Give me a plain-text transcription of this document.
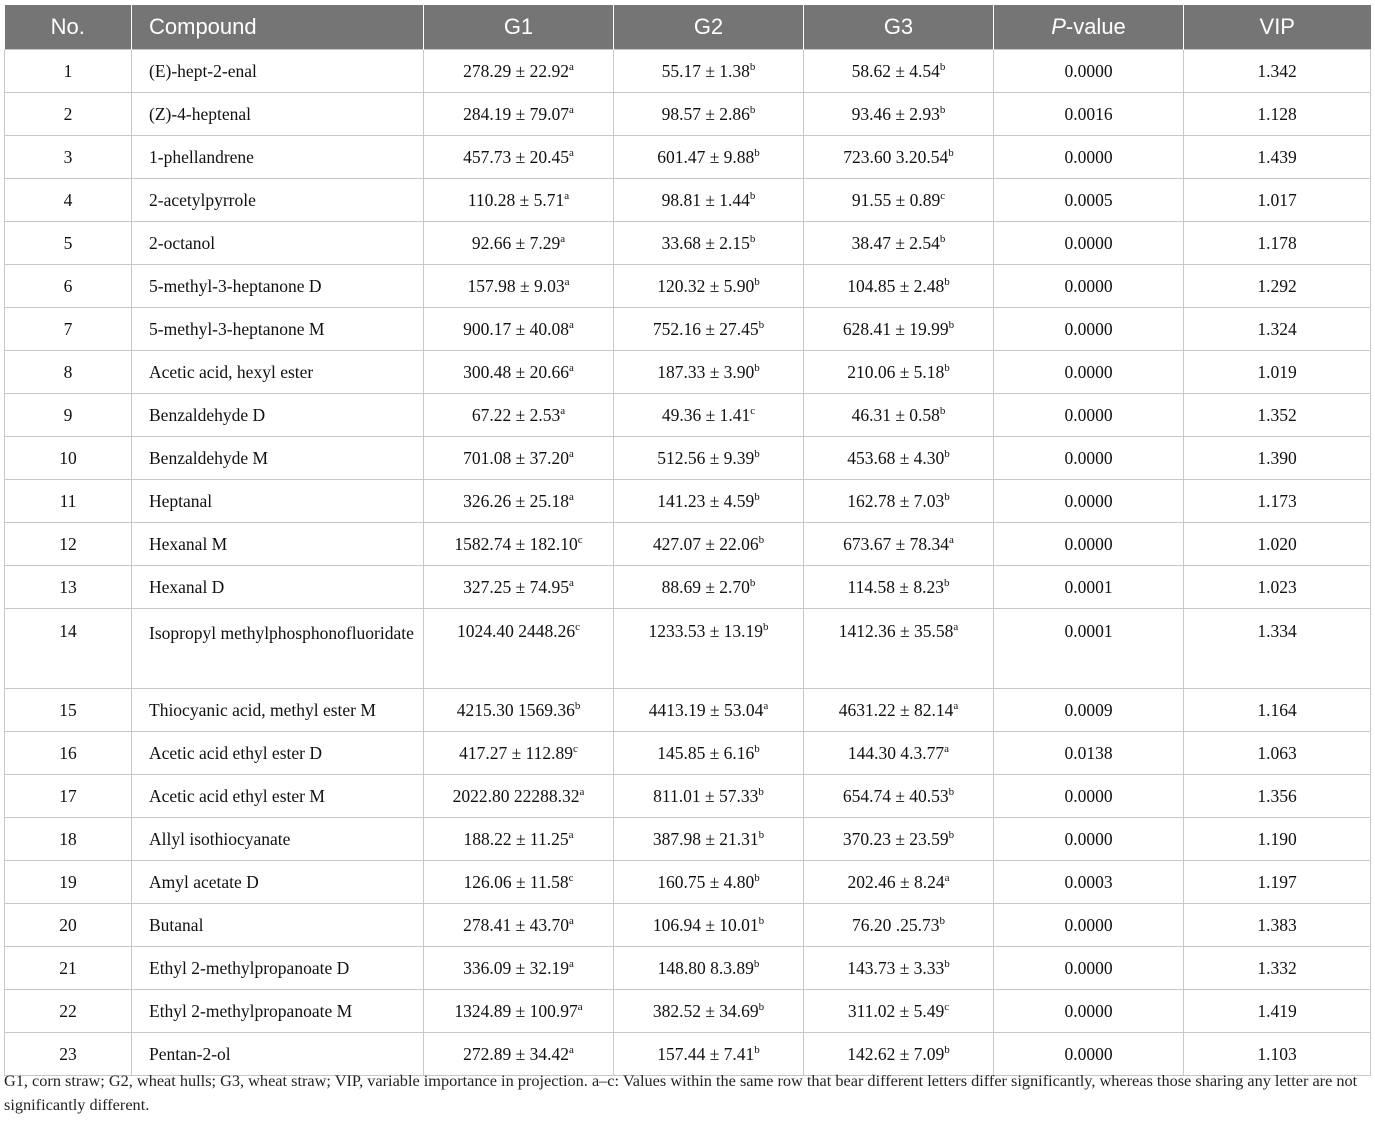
No.	Compound	G1	G2	G3	P-value	VIP
1	(E)-hept-2-enal	278.29 ± 22.92$^a$	55.17 ± 1.38$^b$	58.62 ± 4.54$^b$	0.0000	1.342
2	(Z)-4-heptenal	284.19 ± 79.07$^a$	98.57 ± 2.86$^b$	93.46 ± 2.93$^b$	0.0016	1.128
3	1-phellandrene	457.73 ± 20.45$^a$	601.47 ± 9.88$^b$	723.60 3.20.54$^b$	0.0000	1.439
4	2-acetylpyrrole	110.28 ± 5.71$^a$	98.81 ± 1.44$^b$	91.55 ± 0.89$^c$	0.0005	1.017
5	2-octanol	92.66 ± 7.29$^a$	33.68 ± 2.15$^b$	38.47 ± 2.54$^b$	0.0000	1.178
6	5-methyl-3-heptanone D	157.98 ± 9.03$^a$	120.32 ± 5.90$^b$	104.85 ± 2.48$^b$	0.0000	1.292
7	5-methyl-3-heptanone M	900.17 ± 40.08$^a$	752.16 ± 27.45$^b$	628.41 ± 19.99$^b$	0.0000	1.324
8	Acetic acid, hexyl ester	300.48 ± 20.66$^a$	187.33 ± 3.90$^b$	210.06 ± 5.18$^b$	0.0000	1.019
9	Benzaldehyde D	67.22 ± 2.53$^a$	49.36 ± 1.41$^c$	46.31 ± 0.58$^b$	0.0000	1.352
10	Benzaldehyde M	701.08 ± 37.20$^a$	512.56 ± 9.39$^b$	453.68 ± 4.30$^b$	0.0000	1.390
11	Heptanal	326.26 ± 25.18$^a$	141.23 ± 4.59$^b$	162.78 ± 7.03$^b$	0.0000	1.173
12	Hexanal M	1582.74 ± 182.10$^c$	427.07 ± 22.06$^b$	673.67 ± 78.34$^a$	0.0000	1.020
13	Hexanal D	327.25 ± 74.95$^a$	88.69 ± 2.70$^b$	114.58 ± 8.23$^b$	0.0001	1.023
14	Isopropyl methylphosphonofluoridate	1024.40 2448.26$^c$	1233.53 ± 13.19$^b$	1412.36 ± 35.58$^a$	0.0001	1.334
15	Thiocyanic acid, methyl ester M	4215.30 1569.36$^b$	4413.19 ± 53.04$^a$	4631.22 ± 82.14$^a$	0.0009	1.164
16	Acetic acid ethyl ester D	417.27 ± 112.89$^c$	145.85 ± 6.16$^b$	144.30 4.3.77$^a$	0.0138	1.063
17	Acetic acid ethyl ester M	2022.80 22288.32$^a$	811.01 ± 57.33$^b$	654.74 ± 40.53$^b$	0.0000	1.356
18	Allyl isothiocyanate	188.22 ± 11.25$^a$	387.98 ± 21.31$^b$	370.23 ± 23.59$^b$	0.0000	1.190
19	Amyl acetate D	126.06 ± 11.58$^c$	160.75 ± 4.80$^b$	202.46 ± 8.24$^a$	0.0003	1.197
20	Butanal	278.41 ± 43.70$^a$	106.94 ± 10.01$^b$	76.20 .25.73$^b$	0.0000	1.383
21	Ethyl 2-methylpropanoate D	336.09 ± 32.19$^a$	148.80 8.3.89$^b$	143.73 ± 3.33$^b$	0.0000	1.332
22	Ethyl 2-methylpropanoate M	1324.89 ± 100.97$^a$	382.52 ± 34.69$^b$	311.02 ± 5.49$^c$	0.0000	1.419
23	Pentan-2-ol	272.89 ± 34.42$^a$	157.44 ± 7.41$^b$	142.62 ± 7.09$^b$	0.0000	1.103
G1, corn straw; G2, wheat hulls; G3, wheat straw; VIP, variable importance in projection. a–c: Values within the same row that bear different letters differ significantly, whereas those sharing any letter are not significantly different.
